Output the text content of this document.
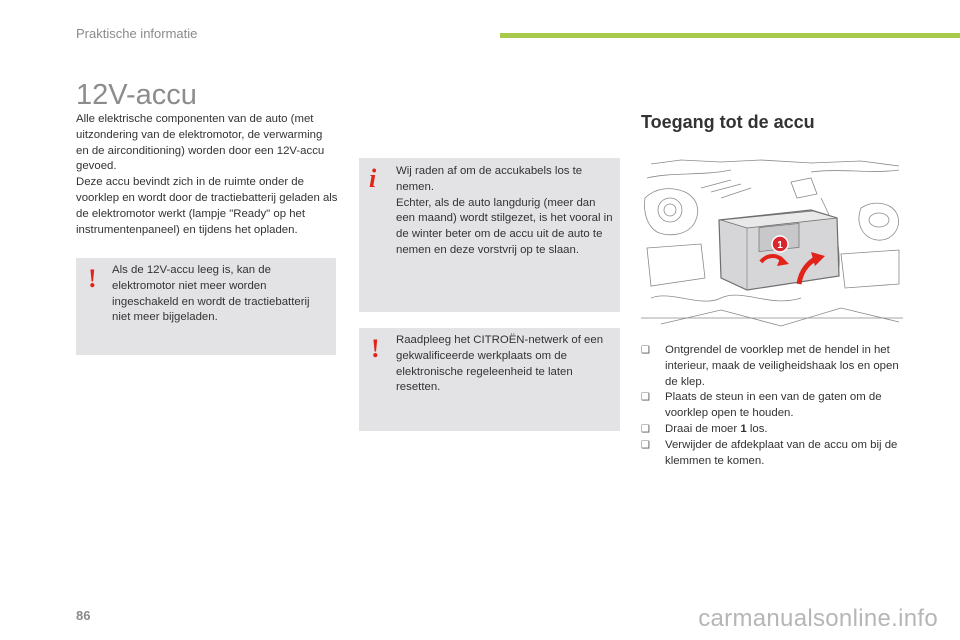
Praktische informatie
12V-accu

Alle elektrische componenten van de auto (met uitzondering van de elektromotor, de verwarming en de airconditioning) worden door een 12V-accu gevoed.

Deze accu bevindt zich in de ruimte onder de voorklep en wordt door de tractiebatterij geladen als de elektromotor werkt (lampje "Ready" op het instrumentenpaneel) en tijdens het opladen.

! Als de 12V-accu leeg is, kan de elektromotor niet meer worden ingeschakeld en wordt de tractiebatterij niet meer bijgeladen.

i Wij raden af om de accukabels los te nemen.

Echter, als de auto langdurig (meer dan een maand) wordt stilgezet, is het vooral in de winter beter om de accu uit de auto te nemen en deze vorstvrij op te slaan.

! Raadpleeg het CITROËN-netwerk of een gekwalificeerde werkplaats om de elektronische regeleenheid te laten resetten.

Toegang tot de accu
1
❑ Ontgrendel de voorklep met de hendel in het interieur, maak de veiligheidshaak los en open de klep.
❑ Plaats de steun in een van de gaten om de voorklep open te houden.
❑ Draai de moer 1 los.
❑ Verwijder de afdekplaat van de accu om bij de klemmen te komen.
86	carmanualsonline.info
